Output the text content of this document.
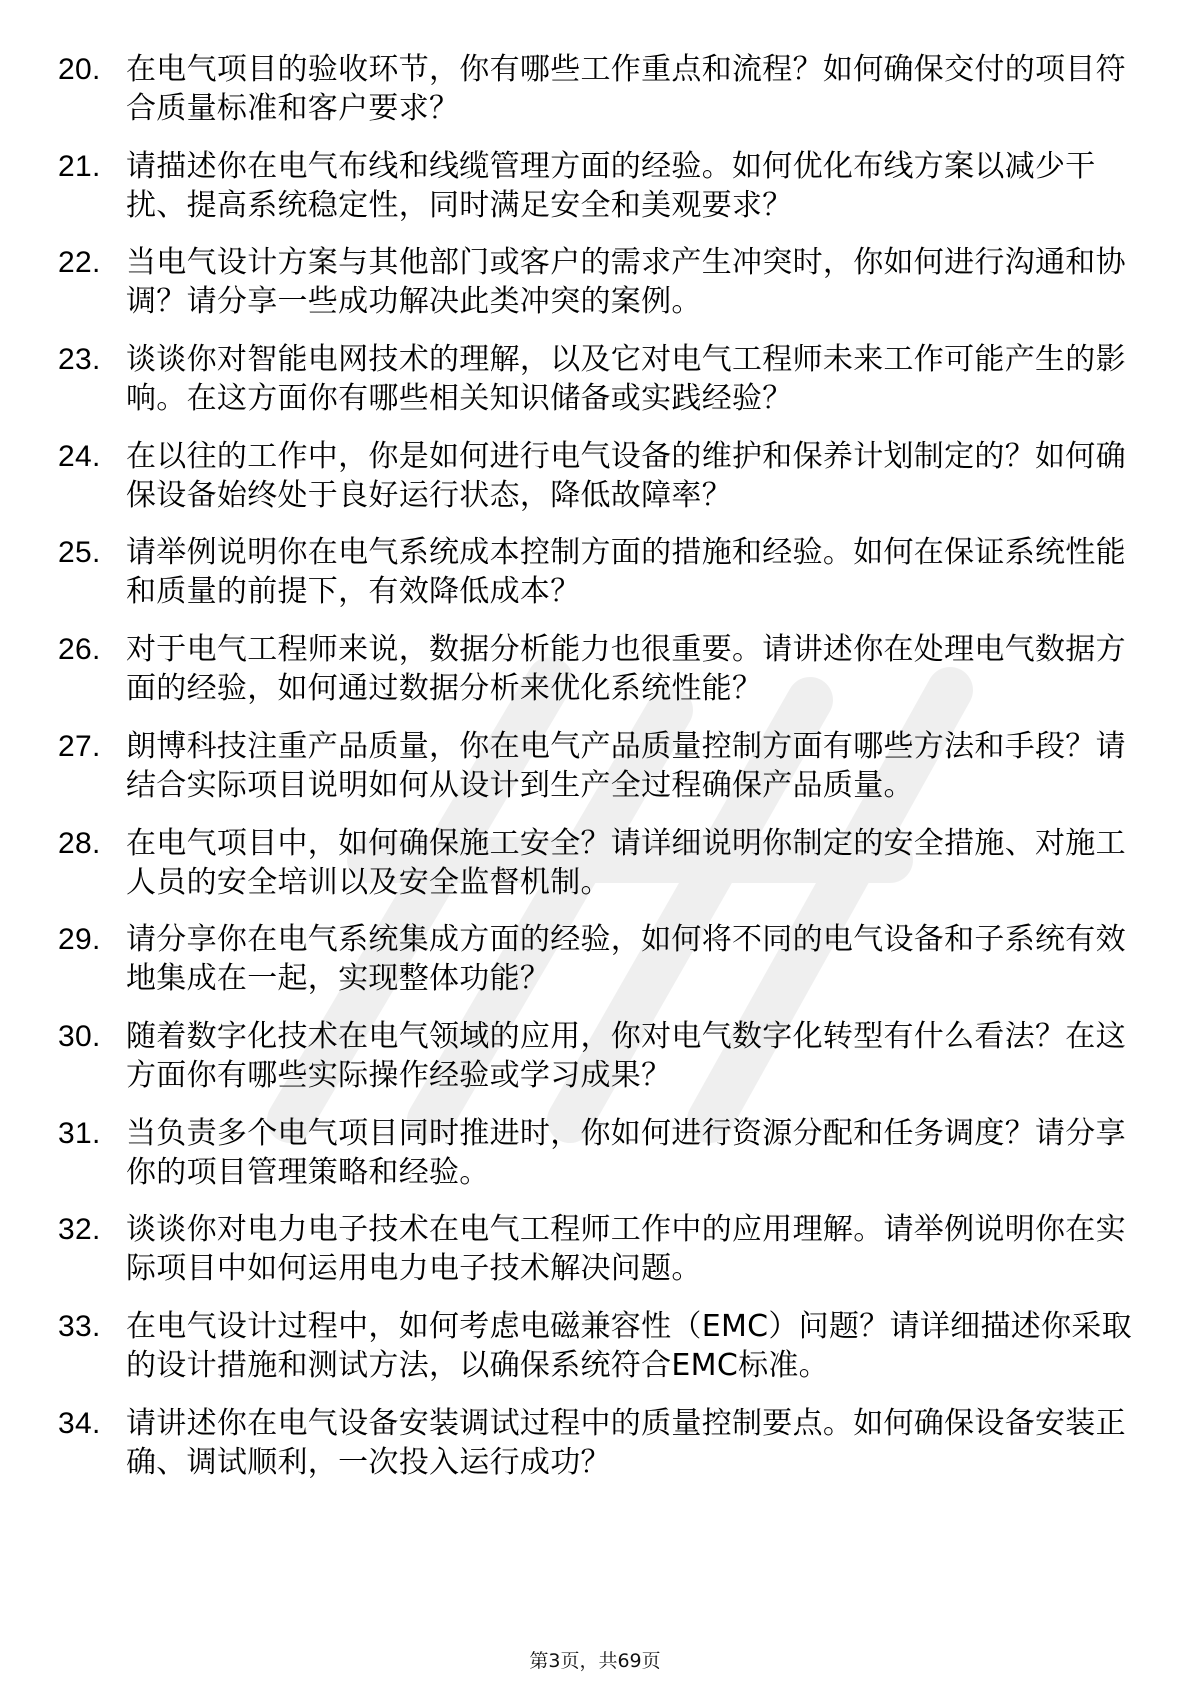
20. 在电气项目的验收环节，你有哪些工作重点和流程？如何确保交付的项目符合质量标准和客户要求？
21. 请描述你在电气布线和线缆管理方面的经验。如何优化布线方案以减少干扰、提高系统稳定性，同时满足安全和美观要求？
22. 当电气设计方案与其他部门或客户的需求产生冲突时，你如何进行沟通和协调？请分享一些成功解决此类冲突的案例。
23. 谈谈你对智能电网技术的理解，以及它对电气工程师未来工作可能产生的影响。在这方面你有哪些相关知识储备或实践经验？
24. 在以往的工作中，你是如何进行电气设备的维护和保养计划制定的？如何确保设备始终处于良好运行状态，降低故障率？
25. 请举例说明你在电气系统成本控制方面的措施和经验。如何在保证系统性能和质量的前提下，有效降低成本？
26. 对于电气工程师来说，数据分析能力也很重要。请讲述你在处理电气数据方面的经验，如何通过数据分析来优化系统性能？
27. 朗博科技注重产品质量，你在电气产品质量控制方面有哪些方法和手段？请结合实际项目说明如何从设计到生产全过程确保产品质量。
28. 在电气项目中，如何确保施工安全？请详细说明你制定的安全措施、对施工人员的安全培训以及安全监督机制。
29. 请分享你在电气系统集成方面的经验，如何将不同的电气设备和子系统有效地集成在一起，实现整体功能？
30. 随着数字化技术在电气领域的应用，你对电气数字化转型有什么看法？在这方面你有哪些实际操作经验或学习成果？
31. 当负责多个电气项目同时推进时，你如何进行资源分配和任务调度？请分享你的项目管理策略和经验。
32. 谈谈你对电力电子技术在电气工程师工作中的应用理解。请举例说明你在实际项目中如何运用电力电子技术解决问题。
33. 在电气设计过程中，如何考虑电磁兼容性（EMC）问题？请详细描述你采取的设计措施和测试方法，以确保系统符合EMC标准。
34. 请讲述你在电气设备安装调试过程中的质量控制要点。如何确保设备安装正确、调试顺利，一次投入运行成功？
第3页，共69页
